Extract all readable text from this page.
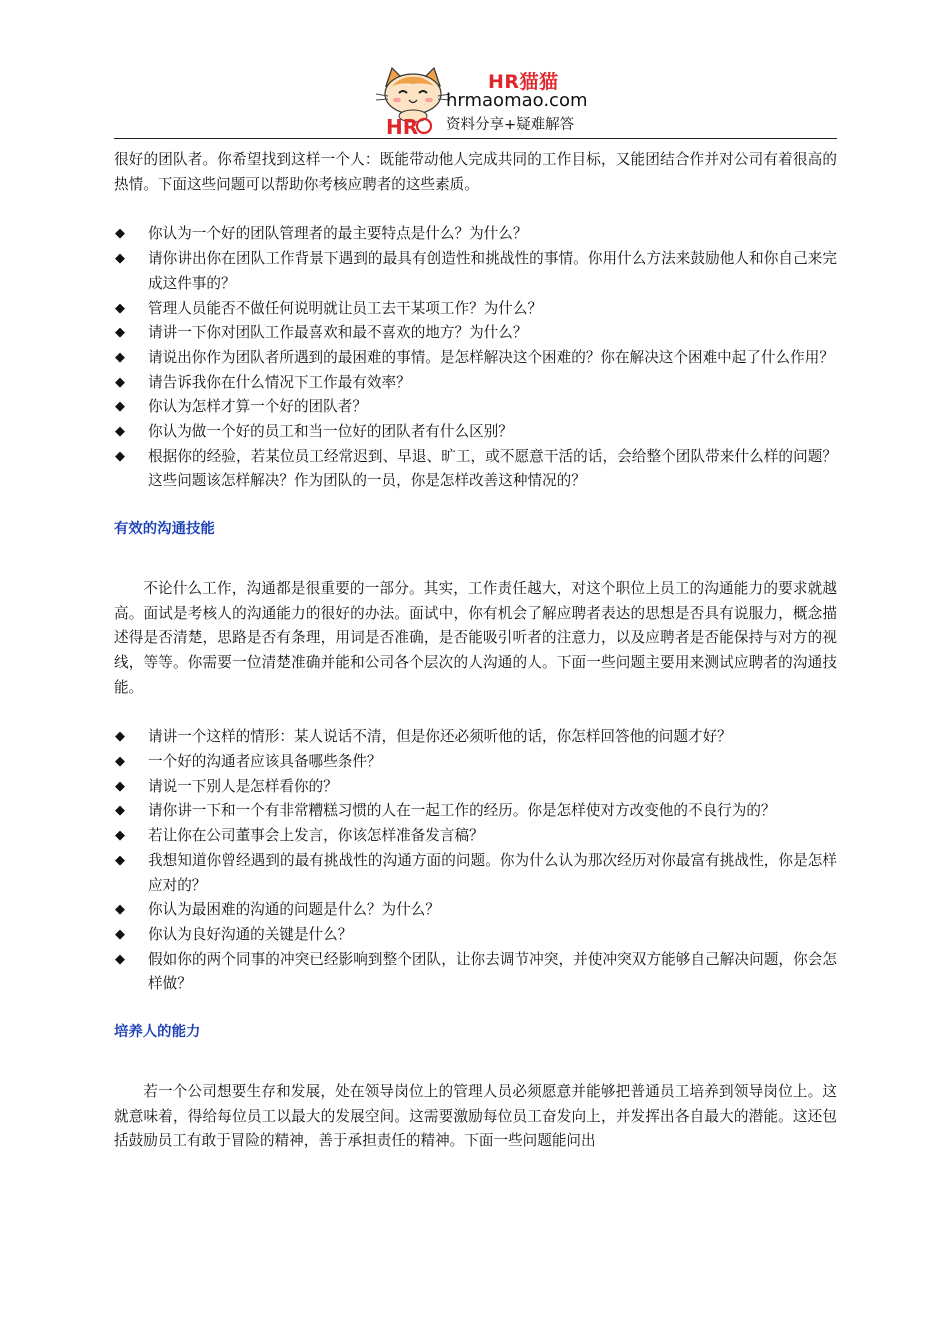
HR
HR猫猫
hrmaomao.com
资料分享+疑难解答

很好的团队者。你希望找到这样一个人：既能带动他人完成共同的工作目标，又能团结合作并对公司有着很高的热情。下面这些问题可以帮助你考核应聘者的这些素质。

◆ 你认为一个好的团队管理者的最主要特点是什么？为什么？
◆ 请你讲出你在团队工作背景下遇到的最具有创造性和挑战性的事情。你用什么方法来鼓励他人和你自己来完成这件事的？
◆ 管理人员能否不做任何说明就让员工去干某项工作？为什么？
◆ 请讲一下你对团队工作最喜欢和最不喜欢的地方？为什么？
◆ 请说出你作为团队者所遇到的最困难的事情。是怎样解决这个困难的？你在解决这个困难中起了什么作用？
◆ 请告诉我你在什么情况下工作最有效率？
◆ 你认为怎样才算一个好的团队者？
◆ 你认为做一个好的员工和当一位好的团队者有什么区别？
◆ 根据你的经验，若某位员工经常迟到、早退、旷工，或不愿意干活的话，会给整个团队带来什么样的问题？这些问题该怎样解决？作为团队的一员，你是怎样改善这种情况的？
有效的沟通技能

不论什么工作，沟通都是很重要的一部分。其实，工作责任越大，对这个职位上员工的沟通能力的要求就越高。面试是考核人的沟通能力的很好的办法。面试中，你有机会了解应聘者表达的思想是否具有说服力，概念描述得是否清楚，思路是否有条理，用词是否准确，是否能吸引听者的注意力，以及应聘者是否能保持与对方的视线，等等。你需要一位清楚准确并能和公司各个层次的人沟通的人。下面一些问题主要用来测试应聘者的沟通技能。

◆ 请讲一个这样的情形：某人说话不清，但是你还必须听他的话，你怎样回答他的问题才好？
◆ 一个好的沟通者应该具备哪些条件？
◆ 请说一下别人是怎样看你的？
◆ 请你讲一下和一个有非常糟糕习惯的人在一起工作的经历。你是怎样使对方改变他的不良行为的？
◆ 若让你在公司董事会上发言，你该怎样准备发言稿？
◆ 我想知道你曾经遇到的最有挑战性的沟通方面的问题。你为什么认为那次经历对你最富有挑战性，你是怎样应对的？
◆ 你认为最困难的沟通的问题是什么？为什么？
◆ 你认为良好沟通的关键是什么？
◆ 假如你的两个同事的冲突已经影响到整个团队，让你去调节冲突，并使冲突双方能够自己解决问题，你会怎样做？
培养人的能力

若一个公司想要生存和发展，处在领导岗位上的管理人员必须愿意并能够把普通员工培养到领导岗位上。这就意味着，得给每位员工以最大的发展空间。这需要激励每位员工奋发向上，并发挥出各自最大的潜能。这还包括鼓励员工有敢于冒险的精神，善于承担责任的精神。下面一些问题能问出
